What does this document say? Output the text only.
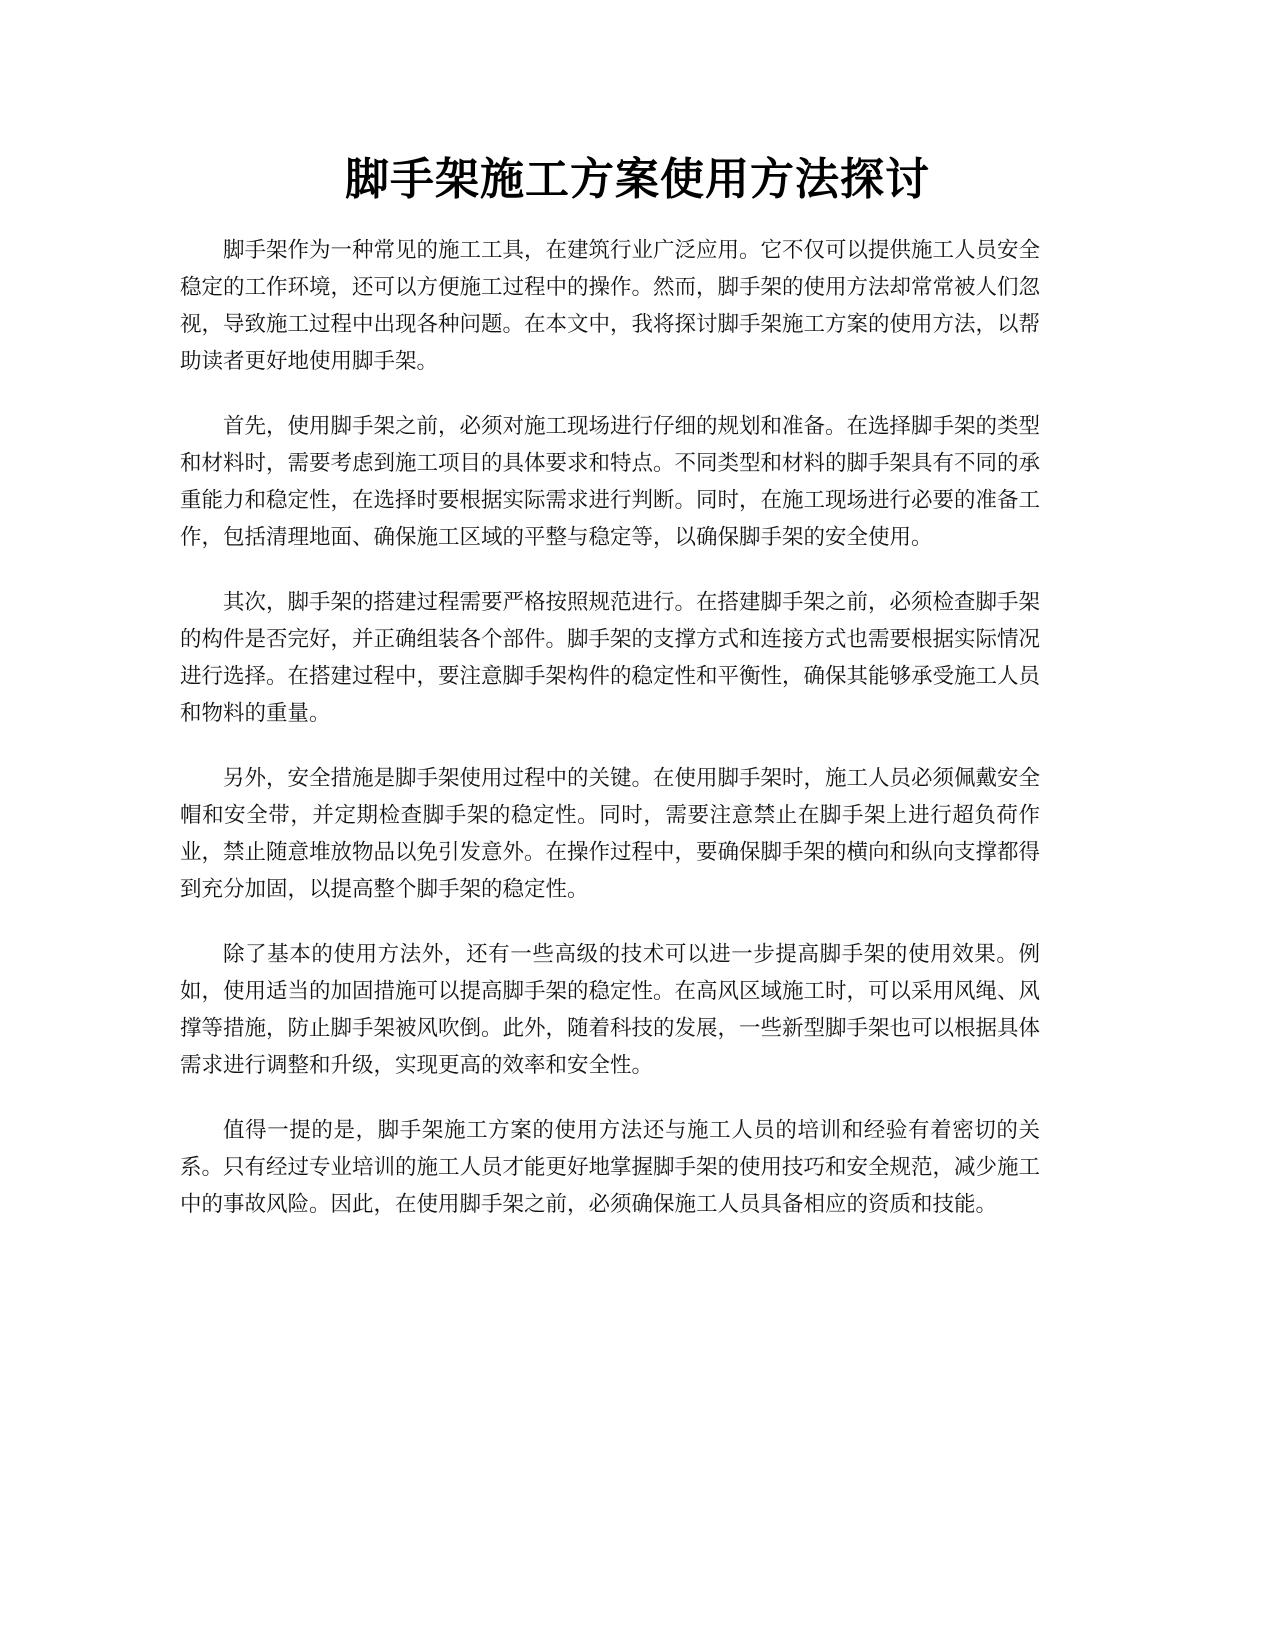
脚手架施工方案使用方法探讨

脚手架作为一种常见的施工工具，在建筑行业广泛应用。它不仅可以提供施工人员安全稳定的工作环境，还可以方便施工过程中的操作。然而，脚手架的使用方法却常常被人们忽视，导致施工过程中出现各种问题。在本文中，我将探讨脚手架施工方案的使用方法，以帮助读者更好地使用脚手架。

首先，使用脚手架之前，必须对施工现场进行仔细的规划和准备。在选择脚手架的类型和材料时，需要考虑到施工项目的具体要求和特点。不同类型和材料的脚手架具有不同的承重能力和稳定性，在选择时要根据实际需求进行判断。同时，在施工现场进行必要的准备工作，包括清理地面、确保施工区域的平整与稳定等，以确保脚手架的安全使用。

其次，脚手架的搭建过程需要严格按照规范进行。在搭建脚手架之前，必须检查脚手架的构件是否完好，并正确组装各个部件。脚手架的支撑方式和连接方式也需要根据实际情况进行选择。在搭建过程中，要注意脚手架构件的稳定性和平衡性，确保其能够承受施工人员和物料的重量。

另外，安全措施是脚手架使用过程中的关键。在使用脚手架时，施工人员必须佩戴安全帽和安全带，并定期检查脚手架的稳定性。同时，需要注意禁止在脚手架上进行超负荷作业，禁止随意堆放物品以免引发意外。在操作过程中，要确保脚手架的横向和纵向支撑都得到充分加固，以提高整个脚手架的稳定性。

除了基本的使用方法外，还有一些高级的技术可以进一步提高脚手架的使用效果。例如，使用适当的加固措施可以提高脚手架的稳定性。在高风区域施工时，可以采用风绳、风撑等措施，防止脚手架被风吹倒。此外，随着科技的发展，一些新型脚手架也可以根据具体需求进行调整和升级，实现更高的效率和安全性。

值得一提的是，脚手架施工方案的使用方法还与施工人员的培训和经验有着密切的关系。只有经过专业培训的施工人员才能更好地掌握脚手架的使用技巧和安全规范，减少施工中的事故风险。因此，在使用脚手架之前，必须确保施工人员具备相应的资质和技能。
